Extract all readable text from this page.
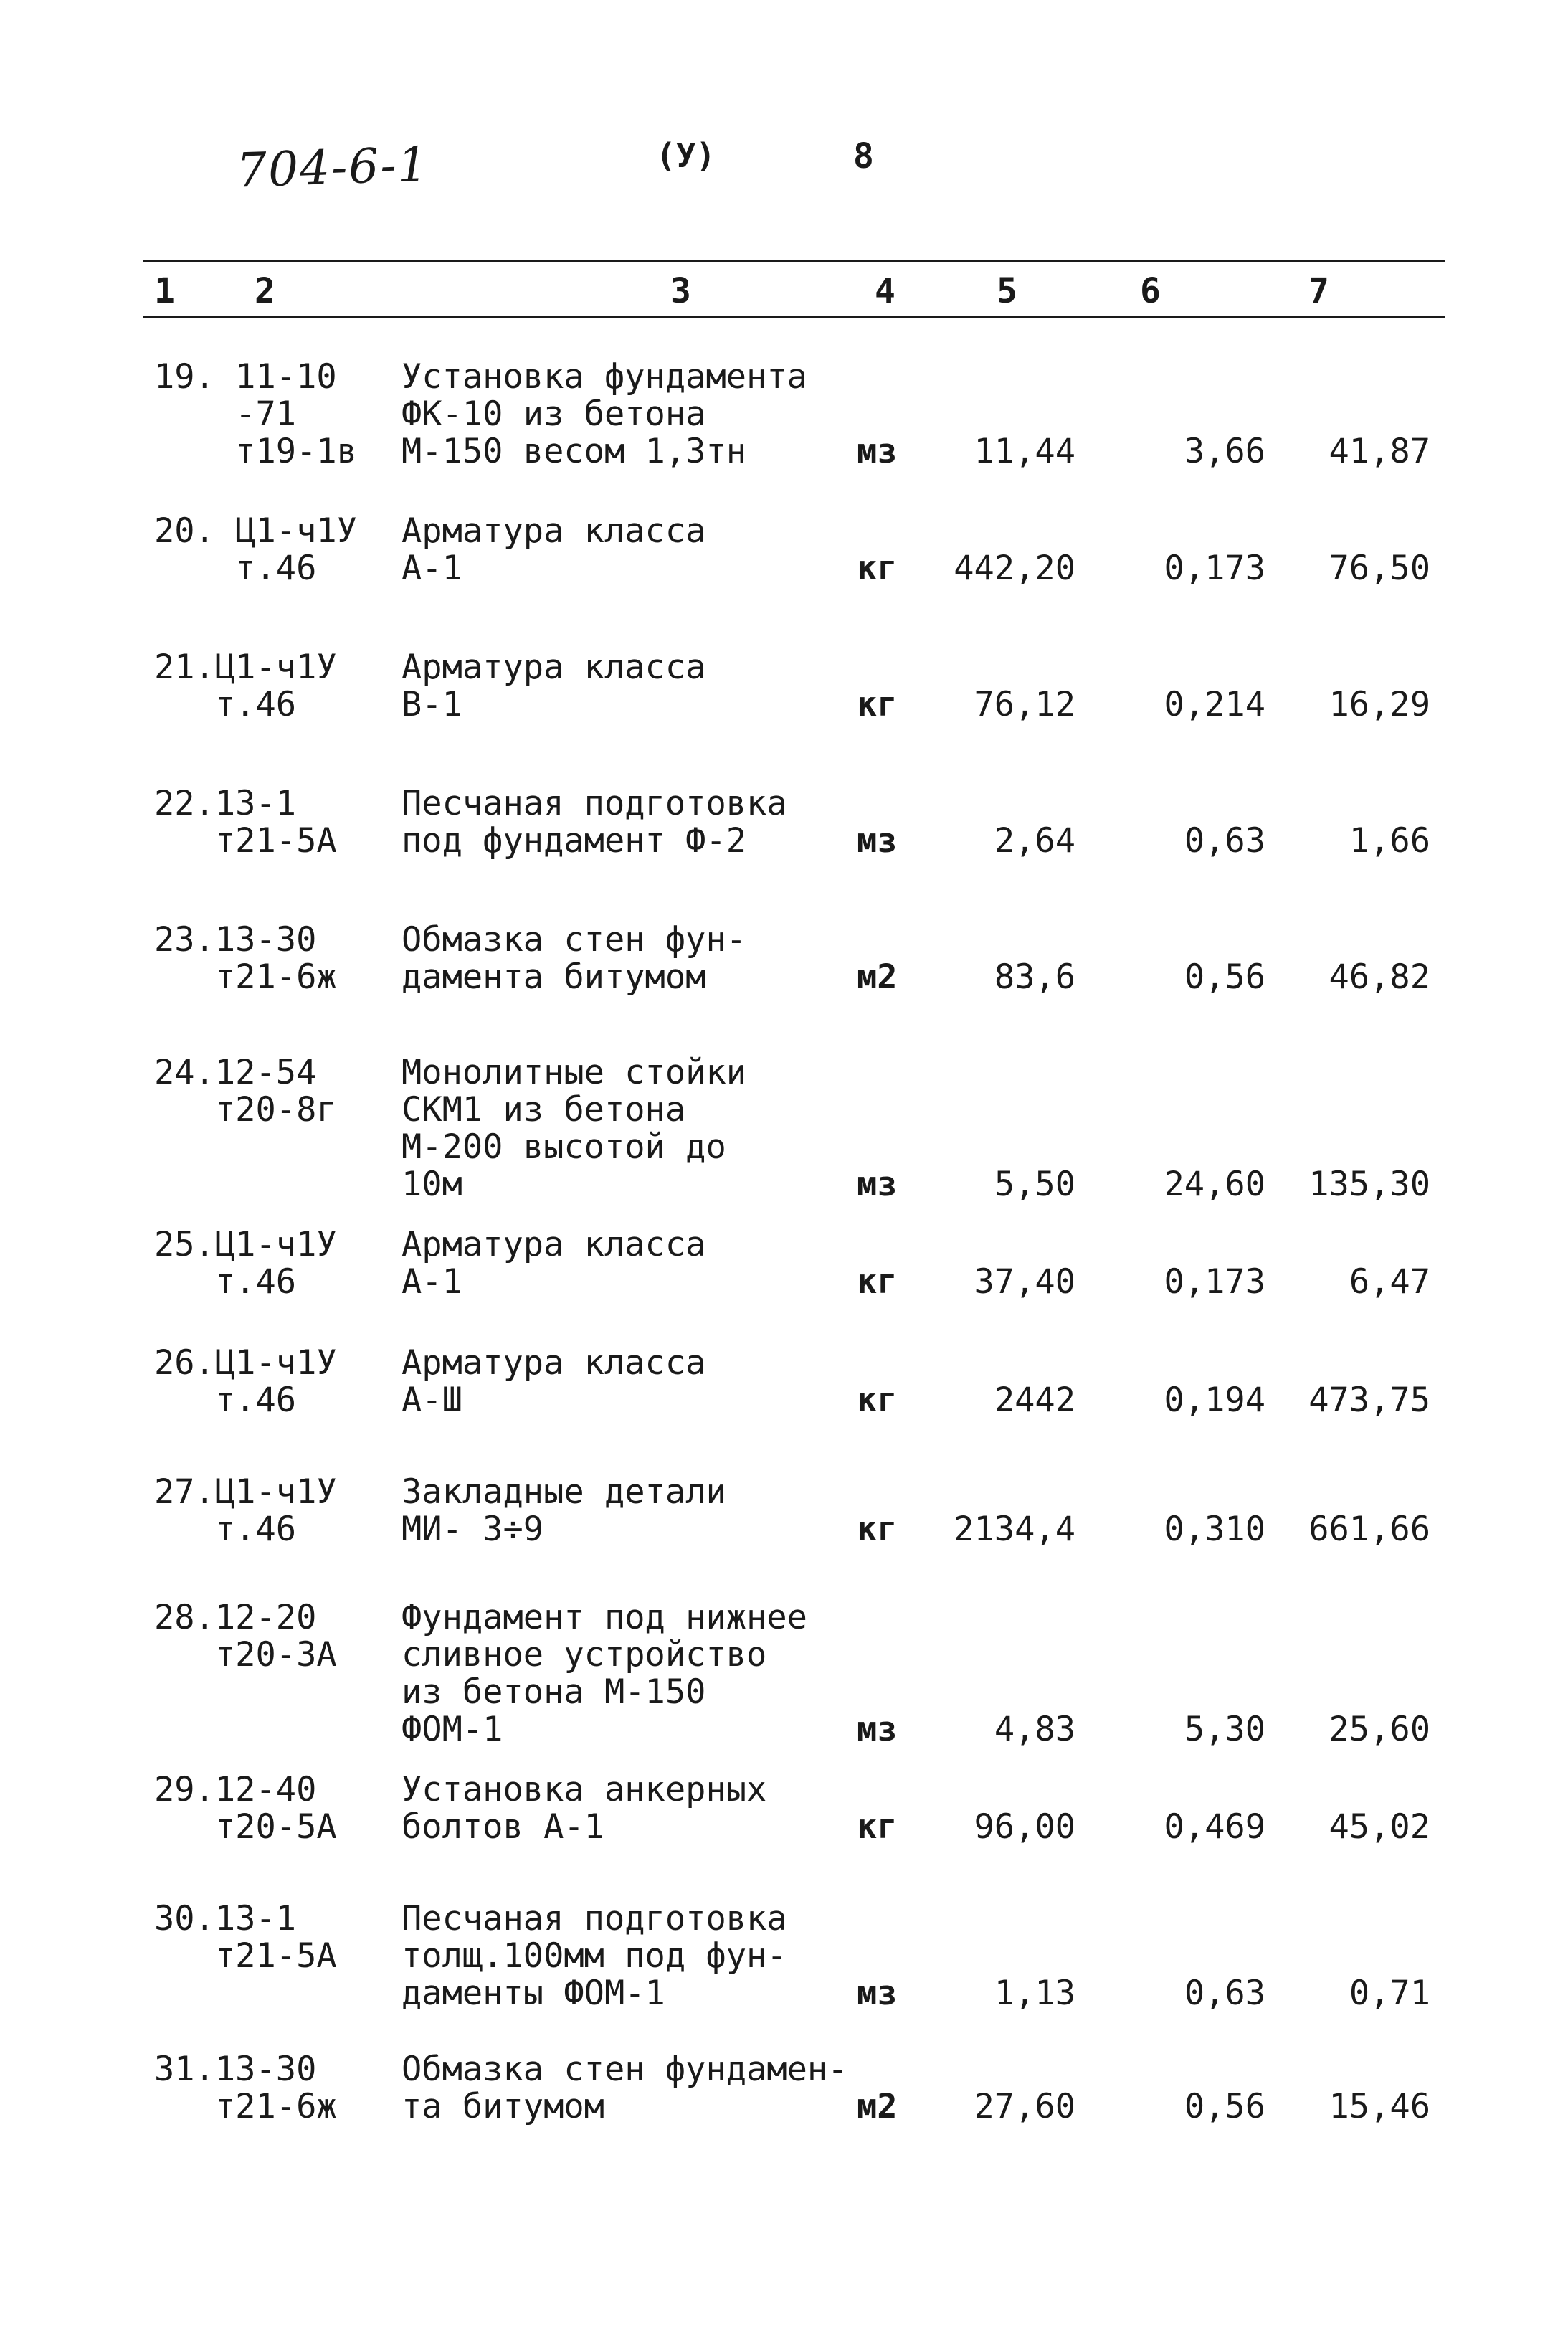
704-6-1	(У)	8
1 2	3	4	5	6	7
19. 11-10
-71
т19-1в
Установка фундамента
ФК-10 из бетона
М-150 весом 1,3тн	мз	11,44	3,66	41,87
20. Ц1-ч1У
т.46
Арматура класса
А-1	кг	442,20	0,173	76,50
21.Ц1-ч1У
т.46
Арматура класса
В-1	кг	76,12	0,214	16,29
22.13-1
т21-5А
Песчаная подготовка
под фундамент Ф-2	мз	2,64	0,63	1,66
23.13-30
т21-6ж
Обмазка стен фун-
дамента битумом	м2	83,6	0,56	46,82
24.12-54
т20-8г
Монолитные стойки
СКМ1 из бетона
М-200 высотой до
10м	мз	5,50	24,60	135,30
25.Ц1-ч1У
т.46
Арматура класса
А-1	кг	37,40	0,173	6,47
26.Ц1-ч1У
т.46
Арматура класса
А-Ш	кг	2442	0,194	473,75
27.Ц1-ч1У
т.46
Закладные детали
МИ- 3÷9	кг	2134,4	0,310	661,66
28.12-20
т20-3А
Фундамент под нижнее
сливное устройство
из бетона М-150
ФОМ-1	мз	4,83	5,30	25,60
29.12-40
т20-5А
Установка анкерных
болтов А-1	кг	96,00	0,469	45,02
30.13-1
т21-5А
Песчаная подготовка
толщ.100мм под фун-
даменты ФОМ-1	мз	1,13	0,63	0,71
31.13-30
т21-6ж
Обмазка стен фундамен-
та битумом	м2	27,60	0,56	15,46
